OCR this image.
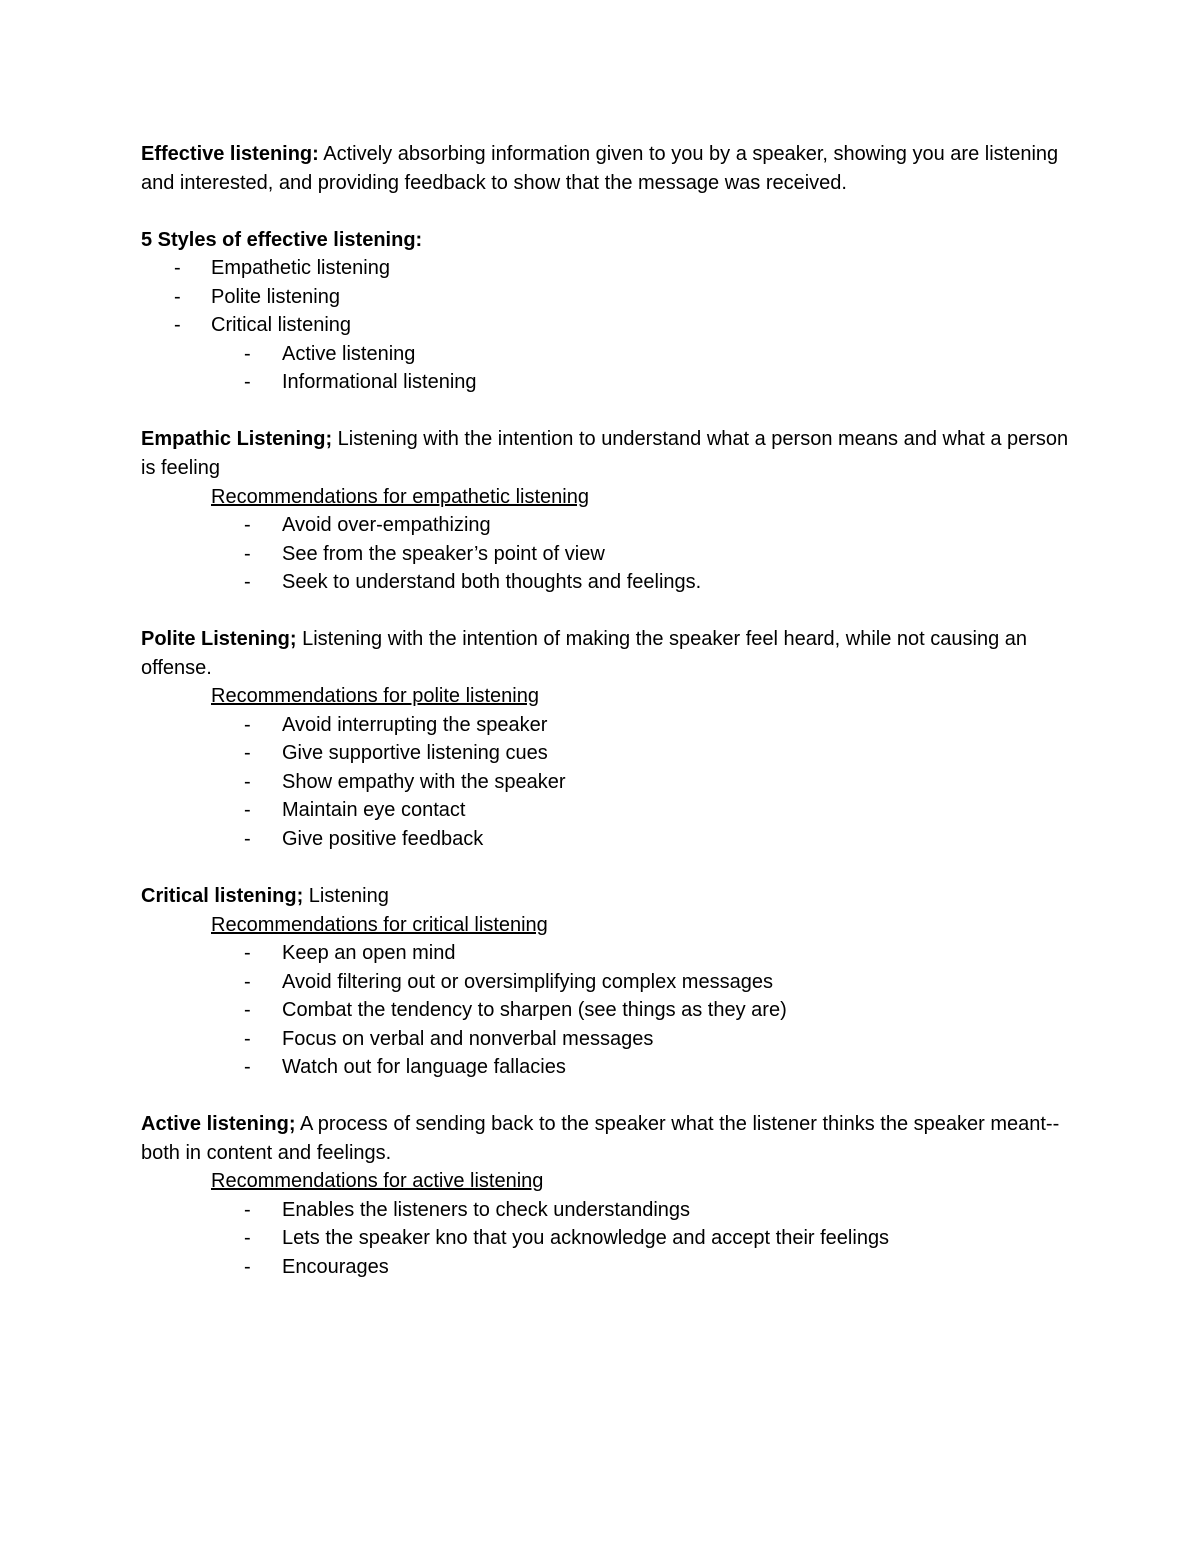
Effective listening: Actively absorbing information given to you by a speaker, showing you are listening and interested, and providing feedback to show that the message was received.

5 Styles of effective listening:

- Empathetic listening
- Polite listening
- Critical listening
- Active listening
- Informational listening

Empathic Listening; Listening with the intention to understand what a person means and what a person is feeling

Recommendations for empathetic listening
- Avoid over-empathizing
- See from the speaker’s point of view
- Seek to understand both thoughts and feelings.

Polite Listening; Listening with the intention of making the speaker feel heard, while not causing an offense.

Recommendations for polite listening
- Avoid interrupting the speaker
- Give supportive listening cues
- Show empathy with the speaker
- Maintain eye contact
- Give positive feedback

Critical listening; Listening

Recommendations for critical listening
- Keep an open mind
- Avoid filtering out or oversimplifying complex messages
- Combat the tendency to sharpen (see things as they are)
- Focus on verbal and nonverbal messages
- Watch out for language fallacies

Active listening; A process of sending back to the speaker what the listener thinks the speaker meant-- both in content and feelings.

Recommendations for active listening
- Enables the listeners to check understandings
- Lets the speaker kno that you acknowledge and accept their feelings
- Encourages
